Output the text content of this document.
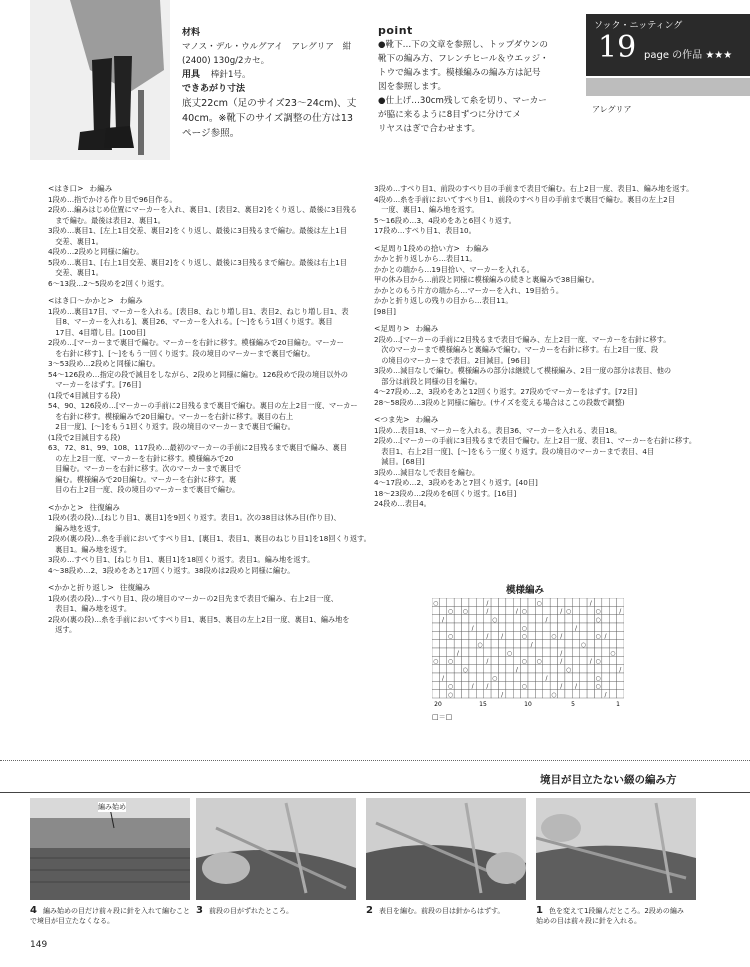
材料
マノス・デル・ウルグアイ　アレグリア　紺
(2400) 130g/2カセ。
用具 棒針1号。
できあがり寸法
底丈22cm（足のサイズ23～24cm)、丈
40cm。※靴下のサイズ調整の仕方は13
ページ参照。
point
●靴下…下の文章を参照し、トップダウンの
靴下の編み方、フレンチヒール＆ウエッジ・
トウで編みます。模様編みの編み方は記号
図を参照します。
●仕上げ…30cm残して糸を切り、マーカー
が脇に来るように8目ずつに分けてメ
リヤスはぎで合わせます。
ソック・ニッティング
19 page の作品 ★★★
アレグリア
<はき口> わ編み

1段め…指でかける作り目で96目作る。
2段め…編みはじめ位置にマーカーを入れ、裏目1、[表目2、裏目2]をくり返し、最後に3目残る
　まで編む。最後は表目2、裏目1。
3段め…裏目1、[左上1目交差、裏目2]をくり返し、最後に3目残るまで編む。最後は左上1目
　交差、裏目1。
4段め…2段めと同様に編む。
5段め…裏目1、[右上1目交差、裏目2]をくり返し、最後に3目残るまで編む。最後は右上1目
　交差、裏目1。
6～13段…2～5段めを2回くり返す。

<はき口～かかと> わ編み

1段め…裏目17目、マーカーを入れる。[表目8、ねじり増し目1、表目2、ねじり増し目1、表
　目8、マーカーを入れる]、裏目26、マーカーを入れる。[～]をもう1回くり返す。裏目
　17目、4目増し目。[100目]
2段め…[マーカーまで裏目で編む。マーカーを右針に移す。模様編みで20目編む。マーカー
　を右針に移す]、[～]をもう一回くり返す。段の境目のマーカーまで裏目で編む。
3～53段め…2段めと同様に編む。
54～126段め…指定の段で減目をしながら、2段めと同様に編む。126段めで段の境目以外の
　マーカーをはずす。[76目]
(1段で4目減目する段)
54、90、126段め…[マーカーの手前に2目残るまで裏目で編む。裏目の左上2目一度、マーカー
　を右針に移す。模様編みで20目編む。マーカーを右針に移す。裏目の右上
　2目一度]、[～]をもう1回くり返す。段の境目のマーカーまで裏目で編む。
(1段で2目減目する段)
63、72、81、99、108、117段め…最初のマーカーの手前に2目残るまで裏目で編み、裏目
　の左上2目一度、マーカーを右針に移す。模様編みで20
　目編む。マーカーを右針に移す。次のマーカーまで裏目で
　編む。模様編みで20目編む。マーカーを右針に移す。裏
　目の右上2目一度、段の境目のマーカーまで裏目で編む。

<かかと> 往復編み

1段め(表の段)…[ねじり目1、裏目1]を9回くり返す。表目1。次の38目は休み目(作り目)、
　編み地を返す。
2段め(裏の段)…糸を手前においてすべり目1、[裏目1、表目1、裏目のねじり目1]を18回くり返す。
　裏目1。編み地を返す。
3段め…すべり目1、[ねじり目1、裏目1]を18回くり返す。表目1。編み地を返す。
4～38段め…2、3段めをあと17回くり返す。38段めは2段めと同様に編む。

<かかと折り返し> 往復編み

1段め(表の段)…すべり目1、段の境目のマーカーの2目先まで表目で編み、右上2目一度、
　表目1、編み地を返す。
2段め(裏の段)…糸を手前においてすべり目1、裏目5、裏目の左上2目一度、裏目1、編み地を
　返す。

3段め…すべり目1、前段のすべり目の手前まで表目で編む。右上2目一度、表目1、編み地を返す。
4段め…糸を手前においてすべり目1、前段のすべり目の手前まで裏目で編む。裏目の左上2目
　一度、裏目1、編み地を返す。
5～16段め…3、4段めをあと6回くり返す。
17段め…すべり目1、表目10。

<足周り1段めの拾い方> わ編み

かかと折り返しから…表目11。
かかとの端から…19目拾い、マーカーを入れる。
甲の休み目から…前段と同様に模様編みの続きと裏編みで38目編む。
かかとのもう片方の端から…マーカーを入れ、19目拾う。
かかと折り返しの残りの目から…表目11。
[98目]

<足周り> わ編み

2段め…[マーカーの手前に2目残るまで表目で編み、左上2目一度、マーカーを右針に移す。
　次のマーカーまで模様編みと裏編みで編む。マーカーを右針に移す。右上2目一度、段
　の境目のマーカーまで表目。2目減目。[96目]
3段め…減目なしで編む。模様編みの部分は継続して模様編み、2目一度の部分は表目、他の
　部分は前段と同様の目を編む。
4～27段め…2、3段めをあと12回くり返す。27段めでマーカーをはずす。[72目]
28～58段め…3段めと同様に編む。(サイズを変える場合はここの段数で調整)

<つま先> わ編み

1段め…表目18、マーカーを入れる。表目36、マーカーを入れる、表目18。
2段め…[マーカーの手前に3目残るまで表目で編む。左上2目一度、表目1、マーカーを右針に移す。
　表目1、右上2目一度]、[～]をもう一度くり返す。段の境目のマーカーまで表目、4目
　減目。[68目]
3段め…減目なしで表目を編む。
4～17段め…2、3段めをあと7回くり返す。[40目]
18～23段め…2段めを6回くり返す。[16目]
24段め…表目4。

模様編み
○	/	○	/
○ ○	/	/ ○	/ ○	○	/
/	○	/	○
/	○	/
○	/ /	○	○ /	○ /
○	/	○
/	○	/	○
○ ○	/	○ ○	/	/ ○
○	/	○	/
/	○	/	○
○	/ /	○	/ /	○
○	/	○	/
20	15	10	5	1
□＝□
境目が目立たない綴の編み方
編み始め
4 編み始めの目だけ前々段に針を入れて編むこと
で境目が目立たなくなる。
3 前段の目がずれたところ。	2 表目を編む。前段の目は針からはずす。	1 色を変えて1段編んだところ。2段めの編み
始めの目は前々段に針を入れる。
149
